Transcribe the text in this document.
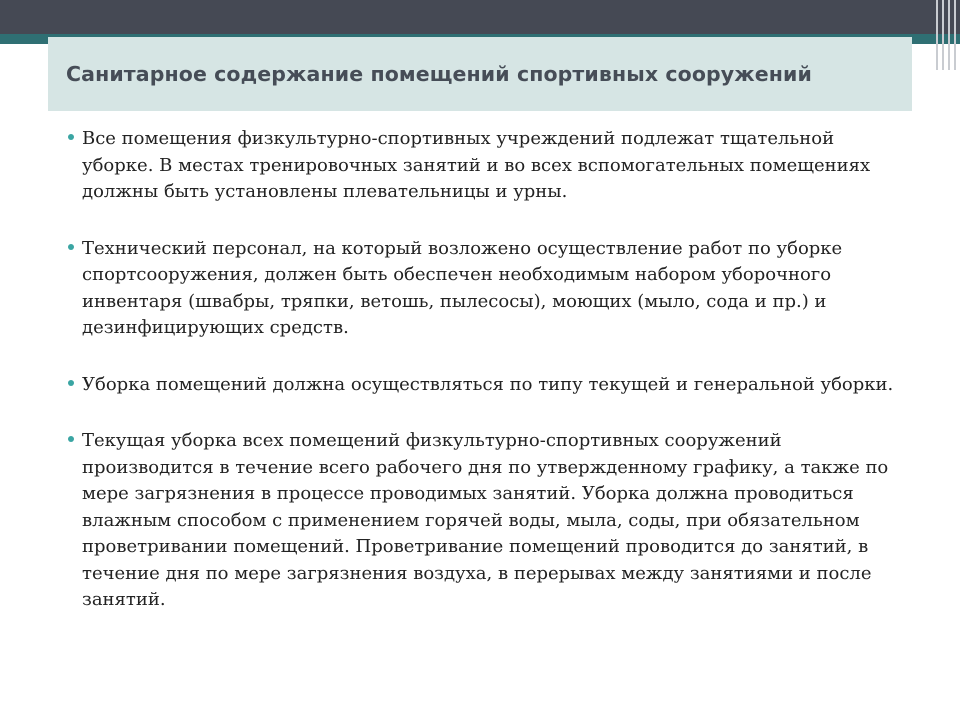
Санитарное содержание помещений спортивных сооружений

Все помещения физкультурно-спортивных учреждений подлежат тщательной уборке. В местах тренировочных занятий и во всех вспомогательных помещениях должны быть установлены плевательницы и урны.

Технический персонал, на который возложено осуществление работ по уборке спортсооружения, должен быть обеспечен необходимым набором уборочного инвентаря (швабры, тряпки, ветошь, пылесосы), моющих (мыло, сода и пр.) и дезинфицирующих средств.

Уборка помещений должна осуществляться по типу текущей и генеральной уборки.

Текущая уборка всех помещений физкультурно-спортивных сооружений производится в течение всего рабочего дня по утвержденному графику, а также по мере загрязнения в процессе проводимых занятий. Уборка должна проводиться влажным способом с применением горячей воды, мыла, соды, при обязательном проветривании помещений. Проветривание помещений проводится до занятий, в течение дня по мере загрязнения воздуха, в перерывах между занятиями и после занятий.
